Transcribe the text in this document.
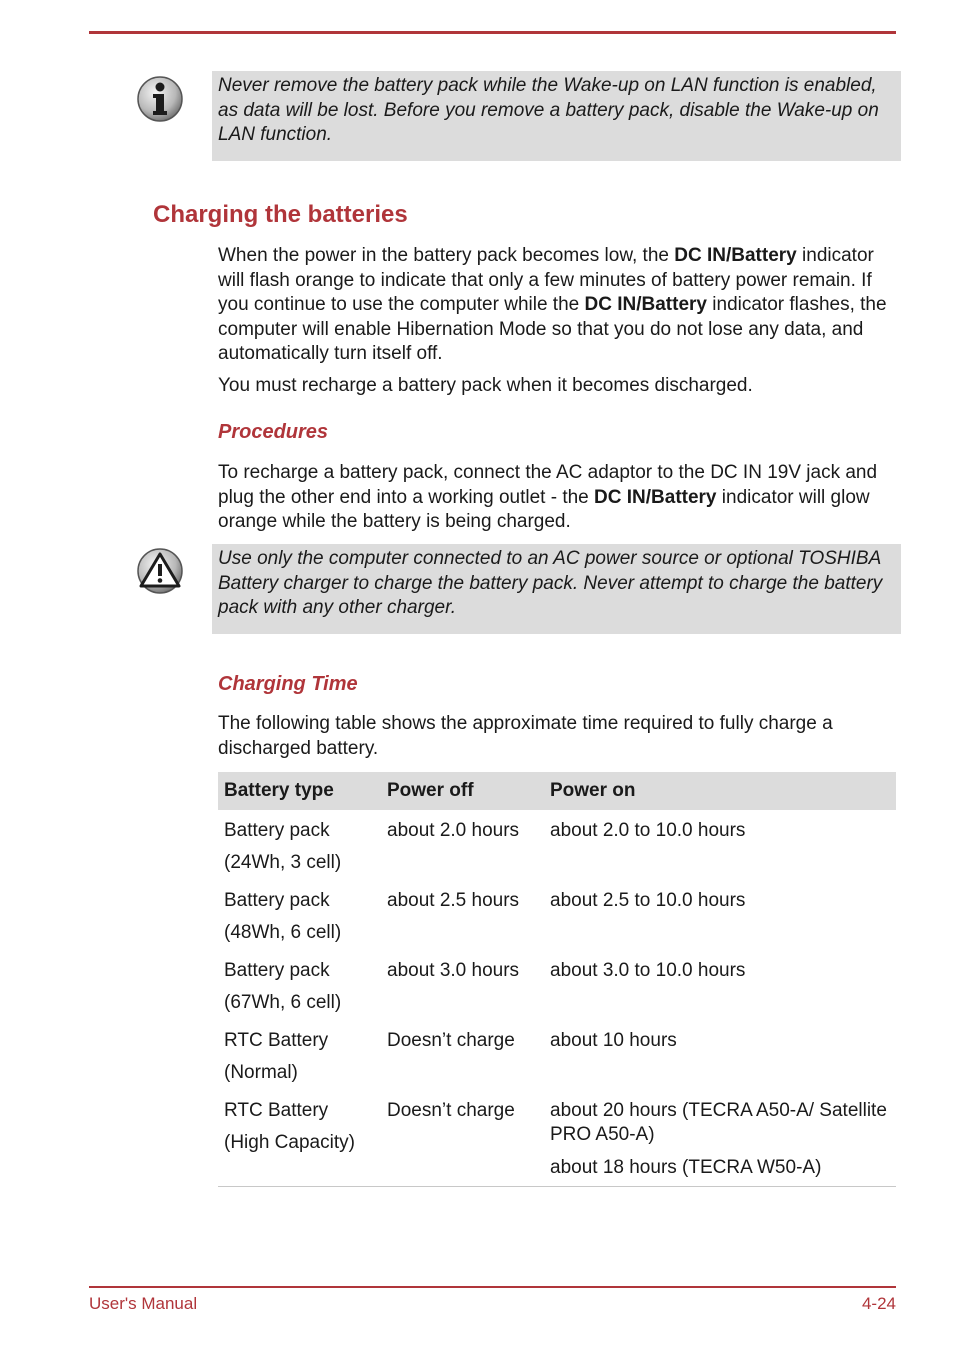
Never remove the battery pack while the Wake-up on LAN function is enabled, as data will be lost. Before you remove a battery pack, disable the Wake-up on LAN function.

Charging the batteries

When the power in the battery pack becomes low, the DC IN/Battery indicator will flash orange to indicate that only a few minutes of battery power remain. If you continue to use the computer while the DC IN/Battery indicator flashes, the computer will enable Hibernation Mode so that you do not lose any data, and automatically turn itself off.

You must recharge a battery pack when it becomes discharged.

Procedures

To recharge a battery pack, connect the AC adaptor to the DC IN 19V jack and plug the other end into a working outlet - the DC IN/Battery indicator will glow orange while the battery is being charged.

Use only the computer connected to an AC power source or optional TOSHIBA Battery charger to charge the battery pack. Never attempt to charge the battery pack with any other charger.

Charging Time

The following table shows the approximate time required to fully charge a discharged battery.

Battery type	Power off	Power on

Battery pack
(24Wh, 3 cell)	about 2.0 hours	about 2.0 to 10.0 hours

Battery pack
(48Wh, 6 cell)	about 2.5 hours	about 2.5 to 10.0 hours

Battery pack
(67Wh, 6 cell)	about 3.0 hours	about 3.0 to 10.0 hours

RTC Battery
(Normal)	Doesn’t charge	about 10 hours

RTC Battery
(High Capacity)	Doesn’t charge	about 20 hours (TECRA A50-A/ Satellite PRO A50-A)
about 18 hours (TECRA W50-A)
User's Manual	4-24
